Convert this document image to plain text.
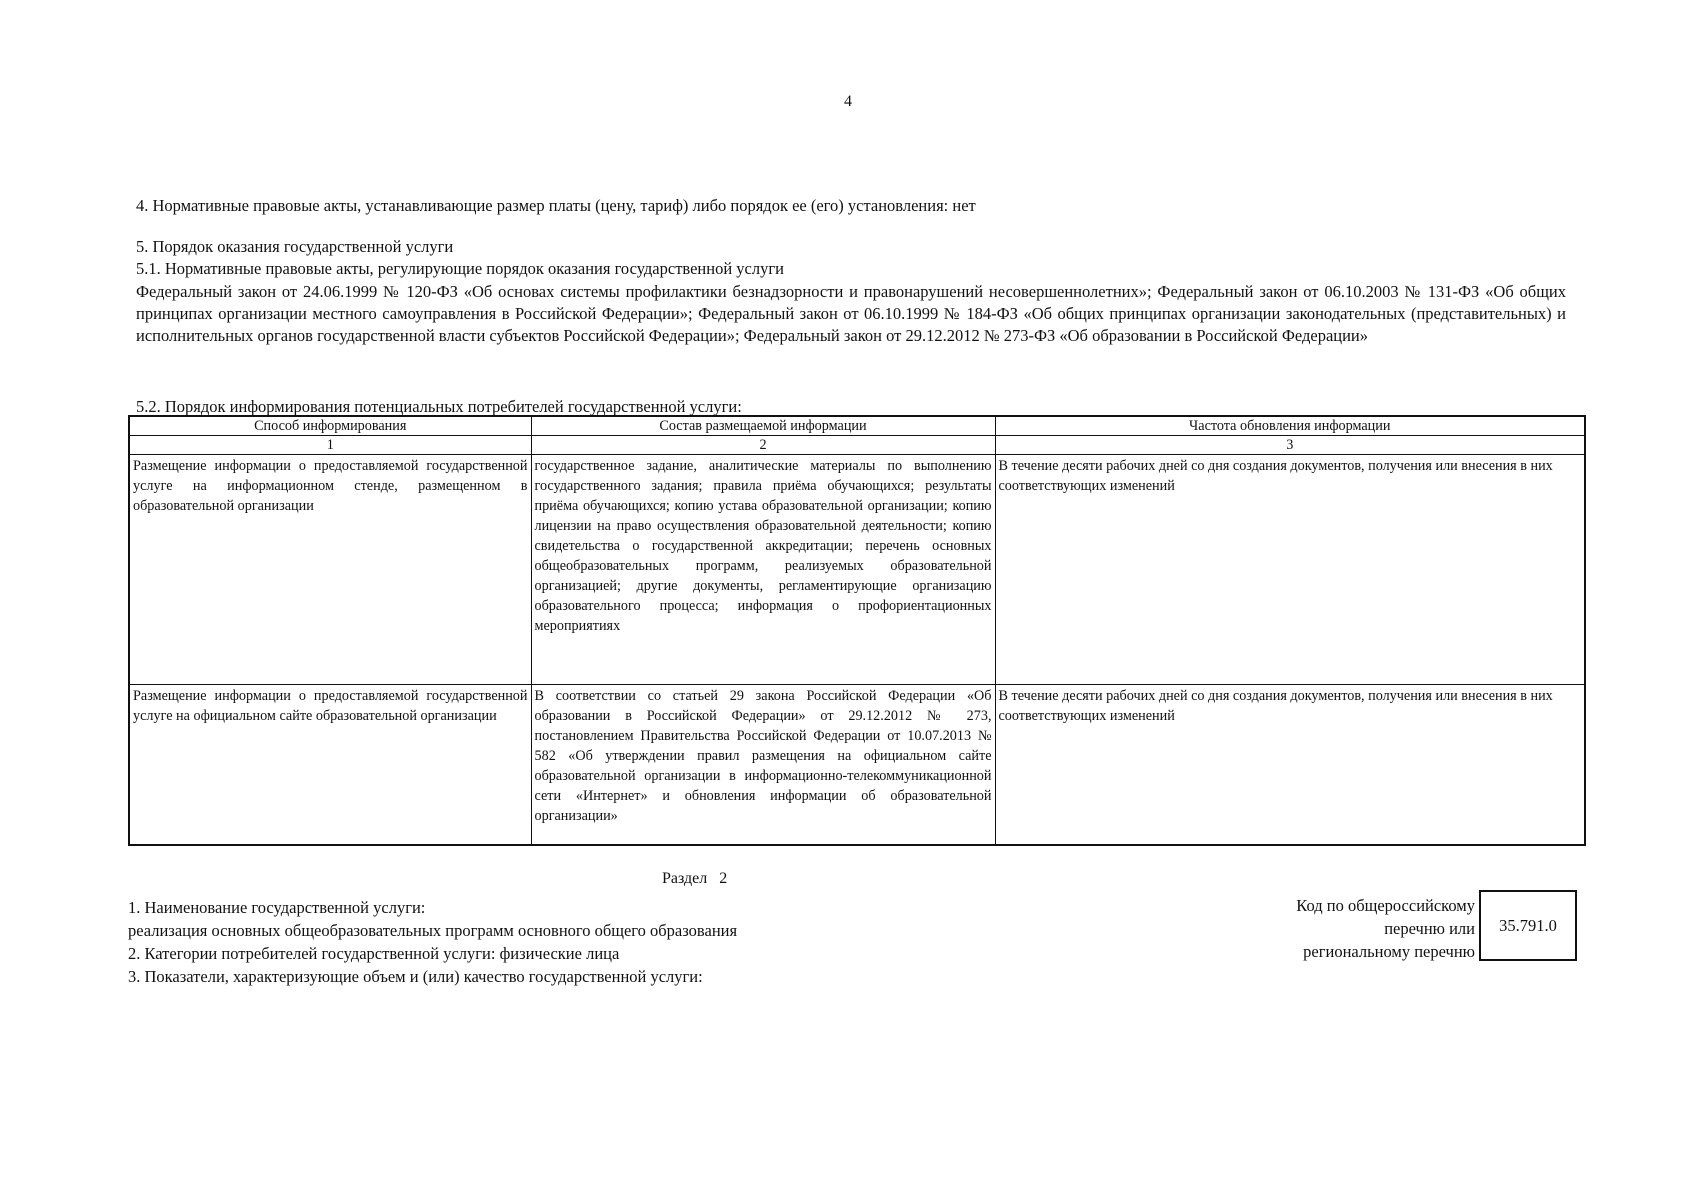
4
4. Нормативные правовые акты, устанавливающие размер платы (цену, тариф) либо порядок ее (его) установления: нет
5. Порядок оказания государственной услуги
5.1. Нормативные правовые акты, регулирующие порядок оказания государственной услуги
Федеральный закон от 24.06.1999 № 120-ФЗ «Об основах системы профилактики безнадзорности и правонарушений несовершеннолетних»; Федеральный закон от 06.10.2003 № 131-ФЗ «Об общих принципах организации местного самоуправления в Российской Федерации»; Федеральный закон от 06.10.1999 № 184-ФЗ «Об общих принципах организации законодательных (представительных) и исполнительных органов государственной власти субъектов Российской Федерации»; Федеральный закон от 29.12.2012 № 273-ФЗ «Об образовании в Российской Федерации»
5.2. Порядок информирования потенциальных потребителей государственной услуги:
Способ информирования	Состав размещаемой информации	Частота обновления информации
1	2	3
Размещение информации о предоставляемой государственной услуге на информационном стенде, размещенном в образовательной организации	государственное задание, аналитические материалы по выполнению государственного задания; правила приёма обучающихся; результаты приёма обучающихся; копию устава образовательной организации; копию лицензии на право осуществления образовательной деятельности; копию свидетельства о государственной аккредитации; перечень основных общеобразовательных программ, реализуемых образовательной организацией; другие документы, регламентирующие организацию образовательного процесса; информация о профориентационных мероприятиях	В течение десяти рабочих дней со дня создания документов, получения или внесения в них соответствующих изменений
Размещение информации о предоставляемой государственной услуге на официальном сайте образовательной организации	В соответствии со статьей 29 закона Российской Федерации «Об образовании в Российской Федерации» от 29.12.2012 № 273, постановлением Правительства Российской Федерации от 10.07.2013 № 582 «Об утверждении правил размещения на официальном сайте образовательной организации в информационно-телекоммуникационной сети «Интернет» и обновления информации об образовательной организации»	В течение десяти рабочих дней со дня создания документов, получения или внесения в них соответствующих изменений
Раздел   2
1. Наименование государственной услуги:
реализация основных общеобразовательных программ основного общего образования
2. Категории потребителей государственной услуги: физические лица
3. Показатели, характеризующие объем и (или) качество государственной услуги:
Код по общероссийскому
перечню или
региональному перечню
35.791.0
